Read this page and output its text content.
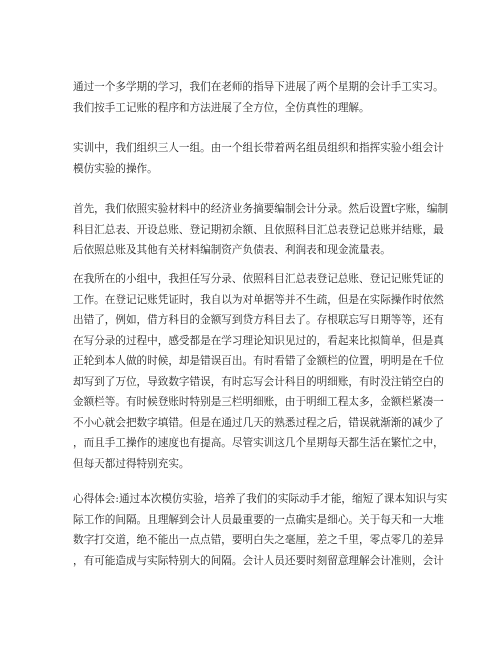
通过一个多学期的学习，我们在老师的指导下进展了两个星期的会计手工实习。
我们按手工记账的程序和方法进展了全方位，全仿真性的理解。

实训中，我们组织三人一组。由一个组长带着两名组员组织和指挥实验小组会计
模仿实验的操作。

首先，我们依照实验材料中的经济业务摘要编制会计分录。然后设置t字账，编制
科目汇总表、开设总账、登记期初余额、且依照科目汇总表登记总账并结账，最
后依照总账及其他有关材料编制资产负债表、利润表和现金流量表。

在我所在的小组中，我担任写分录、依照科目汇总表登记总账、登记记账凭证的
工作。在登记记账凭证时，我自以为对单据等并不生疏，但是在实际操作时依然
出错了，例如，借方科目的金额写到贷方科目去了。存根联忘写日期等等，还有
在写分录的过程中，感受都是在学习理论知识见过的，看起来比拟简单，但是真
正轮到本人做的时候，却是错误百出。有时看错了金额栏的位置，明明是在千位
却写到了万位，导致数字错误，有时忘写会计科目的明细账，有时没注销空白的
金额栏等。有时候登账时特别是三栏明细账，由于明细工程太多，金额栏紧凑一
不小心就会把数字填错。但是在通过几天的熟悉过程之后，错误就渐渐的减少了
，而且手工操作的速度也有提高。尽管实训这几个星期每天都生活在繁忙之中，
但每天都过得特别充实。

心得体会:通过本次模仿实验，培养了我们的实际动手才能，缩短了课本知识与实
际工作的间隔。且理解到会计人员最重要的一点确实是细心。关于每天和一大堆
数字打交道，绝不能出一点点错，要明白失之毫厘，差之千里，零点零几的差异
，有可能造成与实际特别大的间隔。会计人员还要时刻留意理解会计准则，会计
